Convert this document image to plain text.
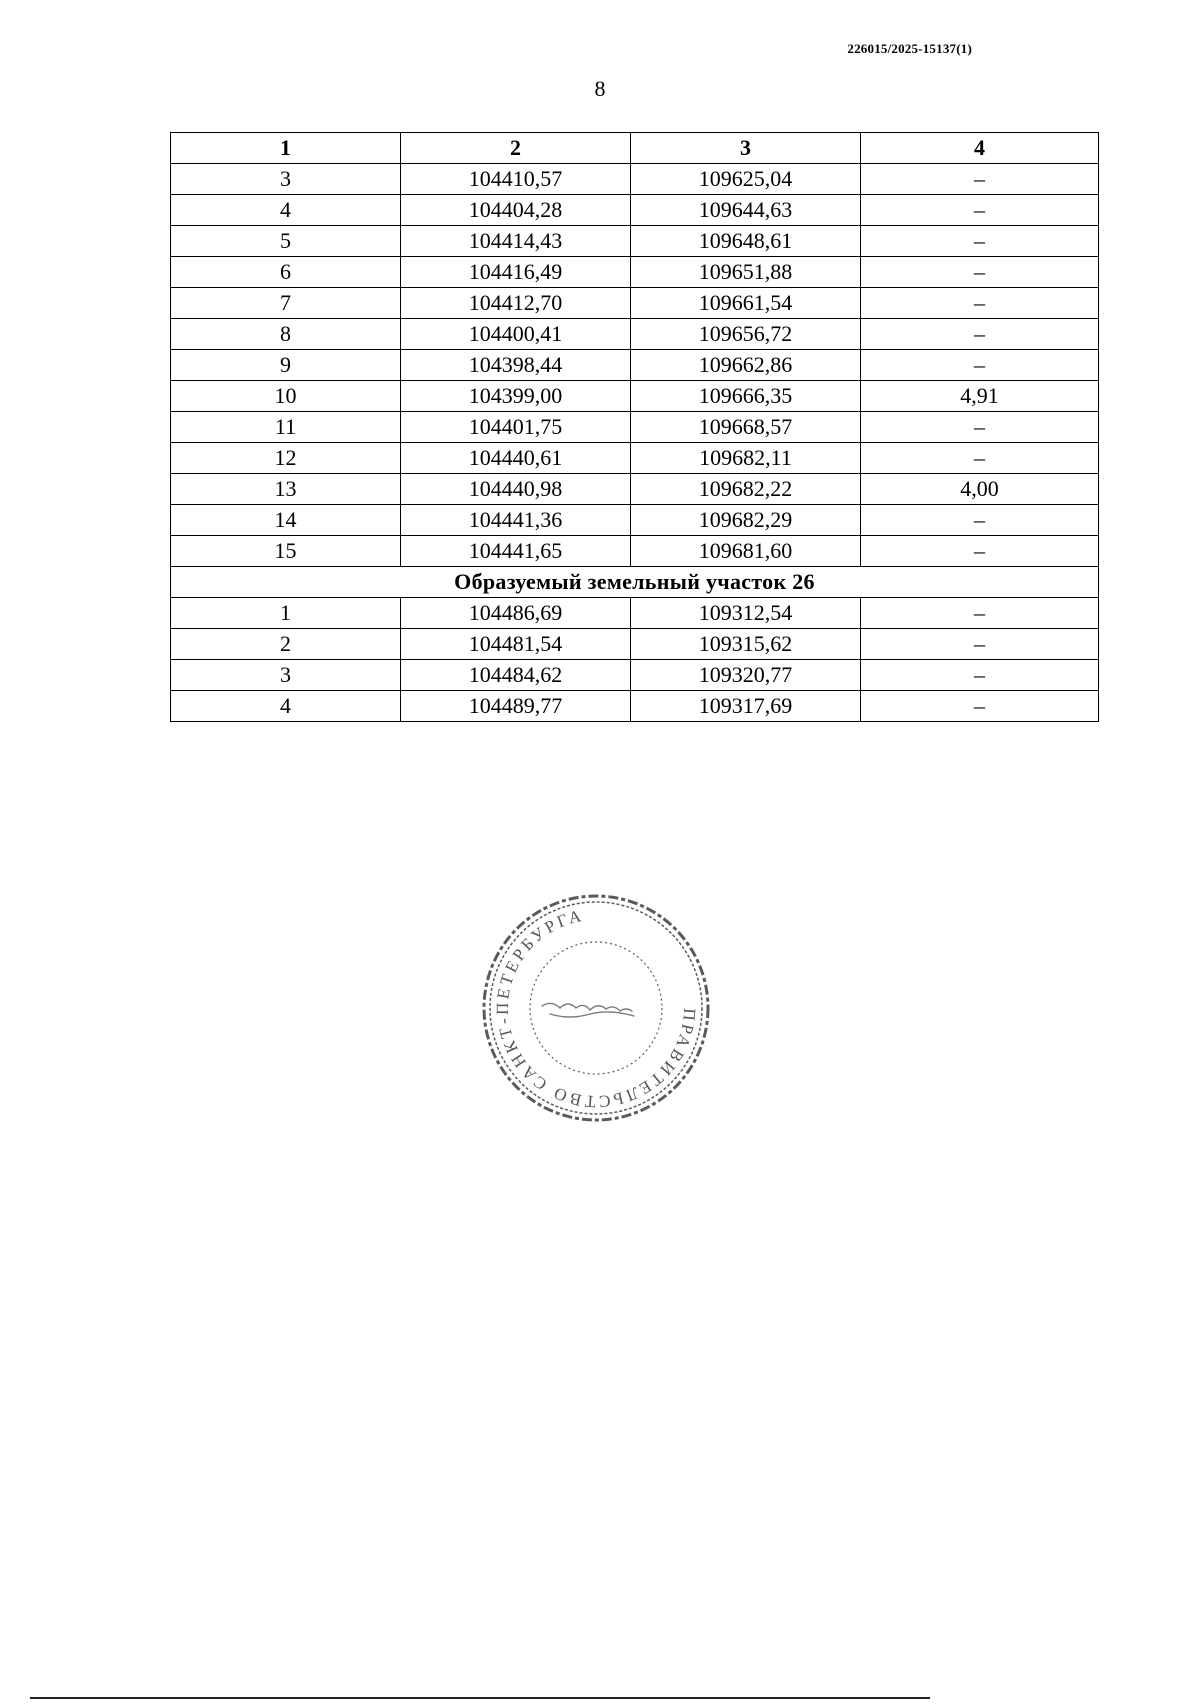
226015/2025-15137(1)
8
1	2	3	4
3	104410,57	109625,04	–
4	104404,28	109644,63	–
5	104414,43	109648,61	–
6	104416,49	109651,88	–
7	104412,70	109661,54	–
8	104400,41	109656,72	–
9	104398,44	109662,86	–
10	104399,00	109666,35	4,91
11	104401,75	109668,57	–
12	104440,61	109682,11	–
13	104440,98	109682,22	4,00
14	104441,36	109682,29	–
15	104441,65	109681,60	–
Образуемый земельный участок 26			
1	104486,69	109312,54	–
2	104481,54	109315,62	–
3	104484,62	109320,77	–
4	104489,77	109317,69	–
ПРАВИТЕЛЬСТВО САНКТ-ПЕТЕРБУРГА
